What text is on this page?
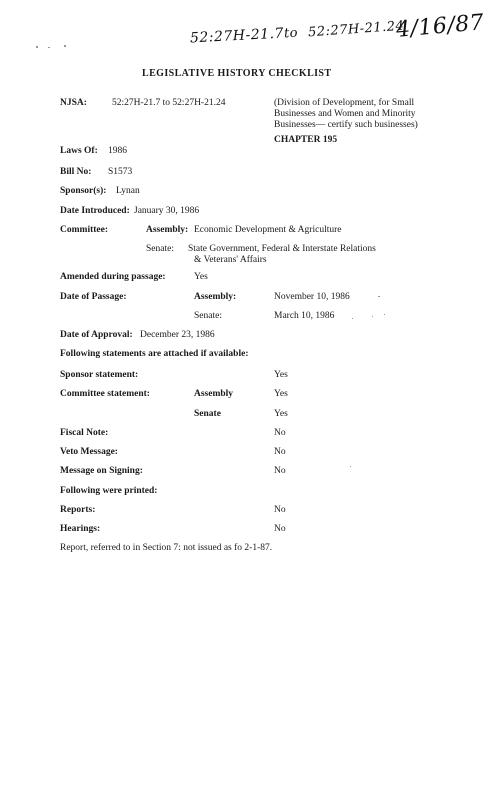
52:27H-21.7 to 52:27H-21.24
4/16/87
LEGISLATIVE HISTORY CHECKLIST
NJSA:	52:27H-21.7 to 52:27H-21.24	(Division of Development, for Small
Businesses and Women and Minority
Businesses— certify such businesses)
CHAPTER 195
Laws Of: 1986
Bill No: S1573
Sponsor(s): Lynan
Date Introduced: January 30, 1986
Committee:	Assembly: Economic Development & Agriculture
Senate: State Government, Federal & Interstate Relations
& Veterans' Affairs
Amended during passage:	Yes
Date of Passage:	Assembly:	November 10, 1986
Senate:	March 10, 1986
Date of Approval: December 23, 1986
Following statements are attached if available:
Sponsor statement:	Yes
Committee statement:	Assembly	Yes
Senate	Yes
Fiscal Note:	No
Veto Message:	No
Message on Signing:	No
Following were printed:
Reports:	No
Hearings:	No
Report, referred to in Section 7: not issued as fo 2-1-87.
